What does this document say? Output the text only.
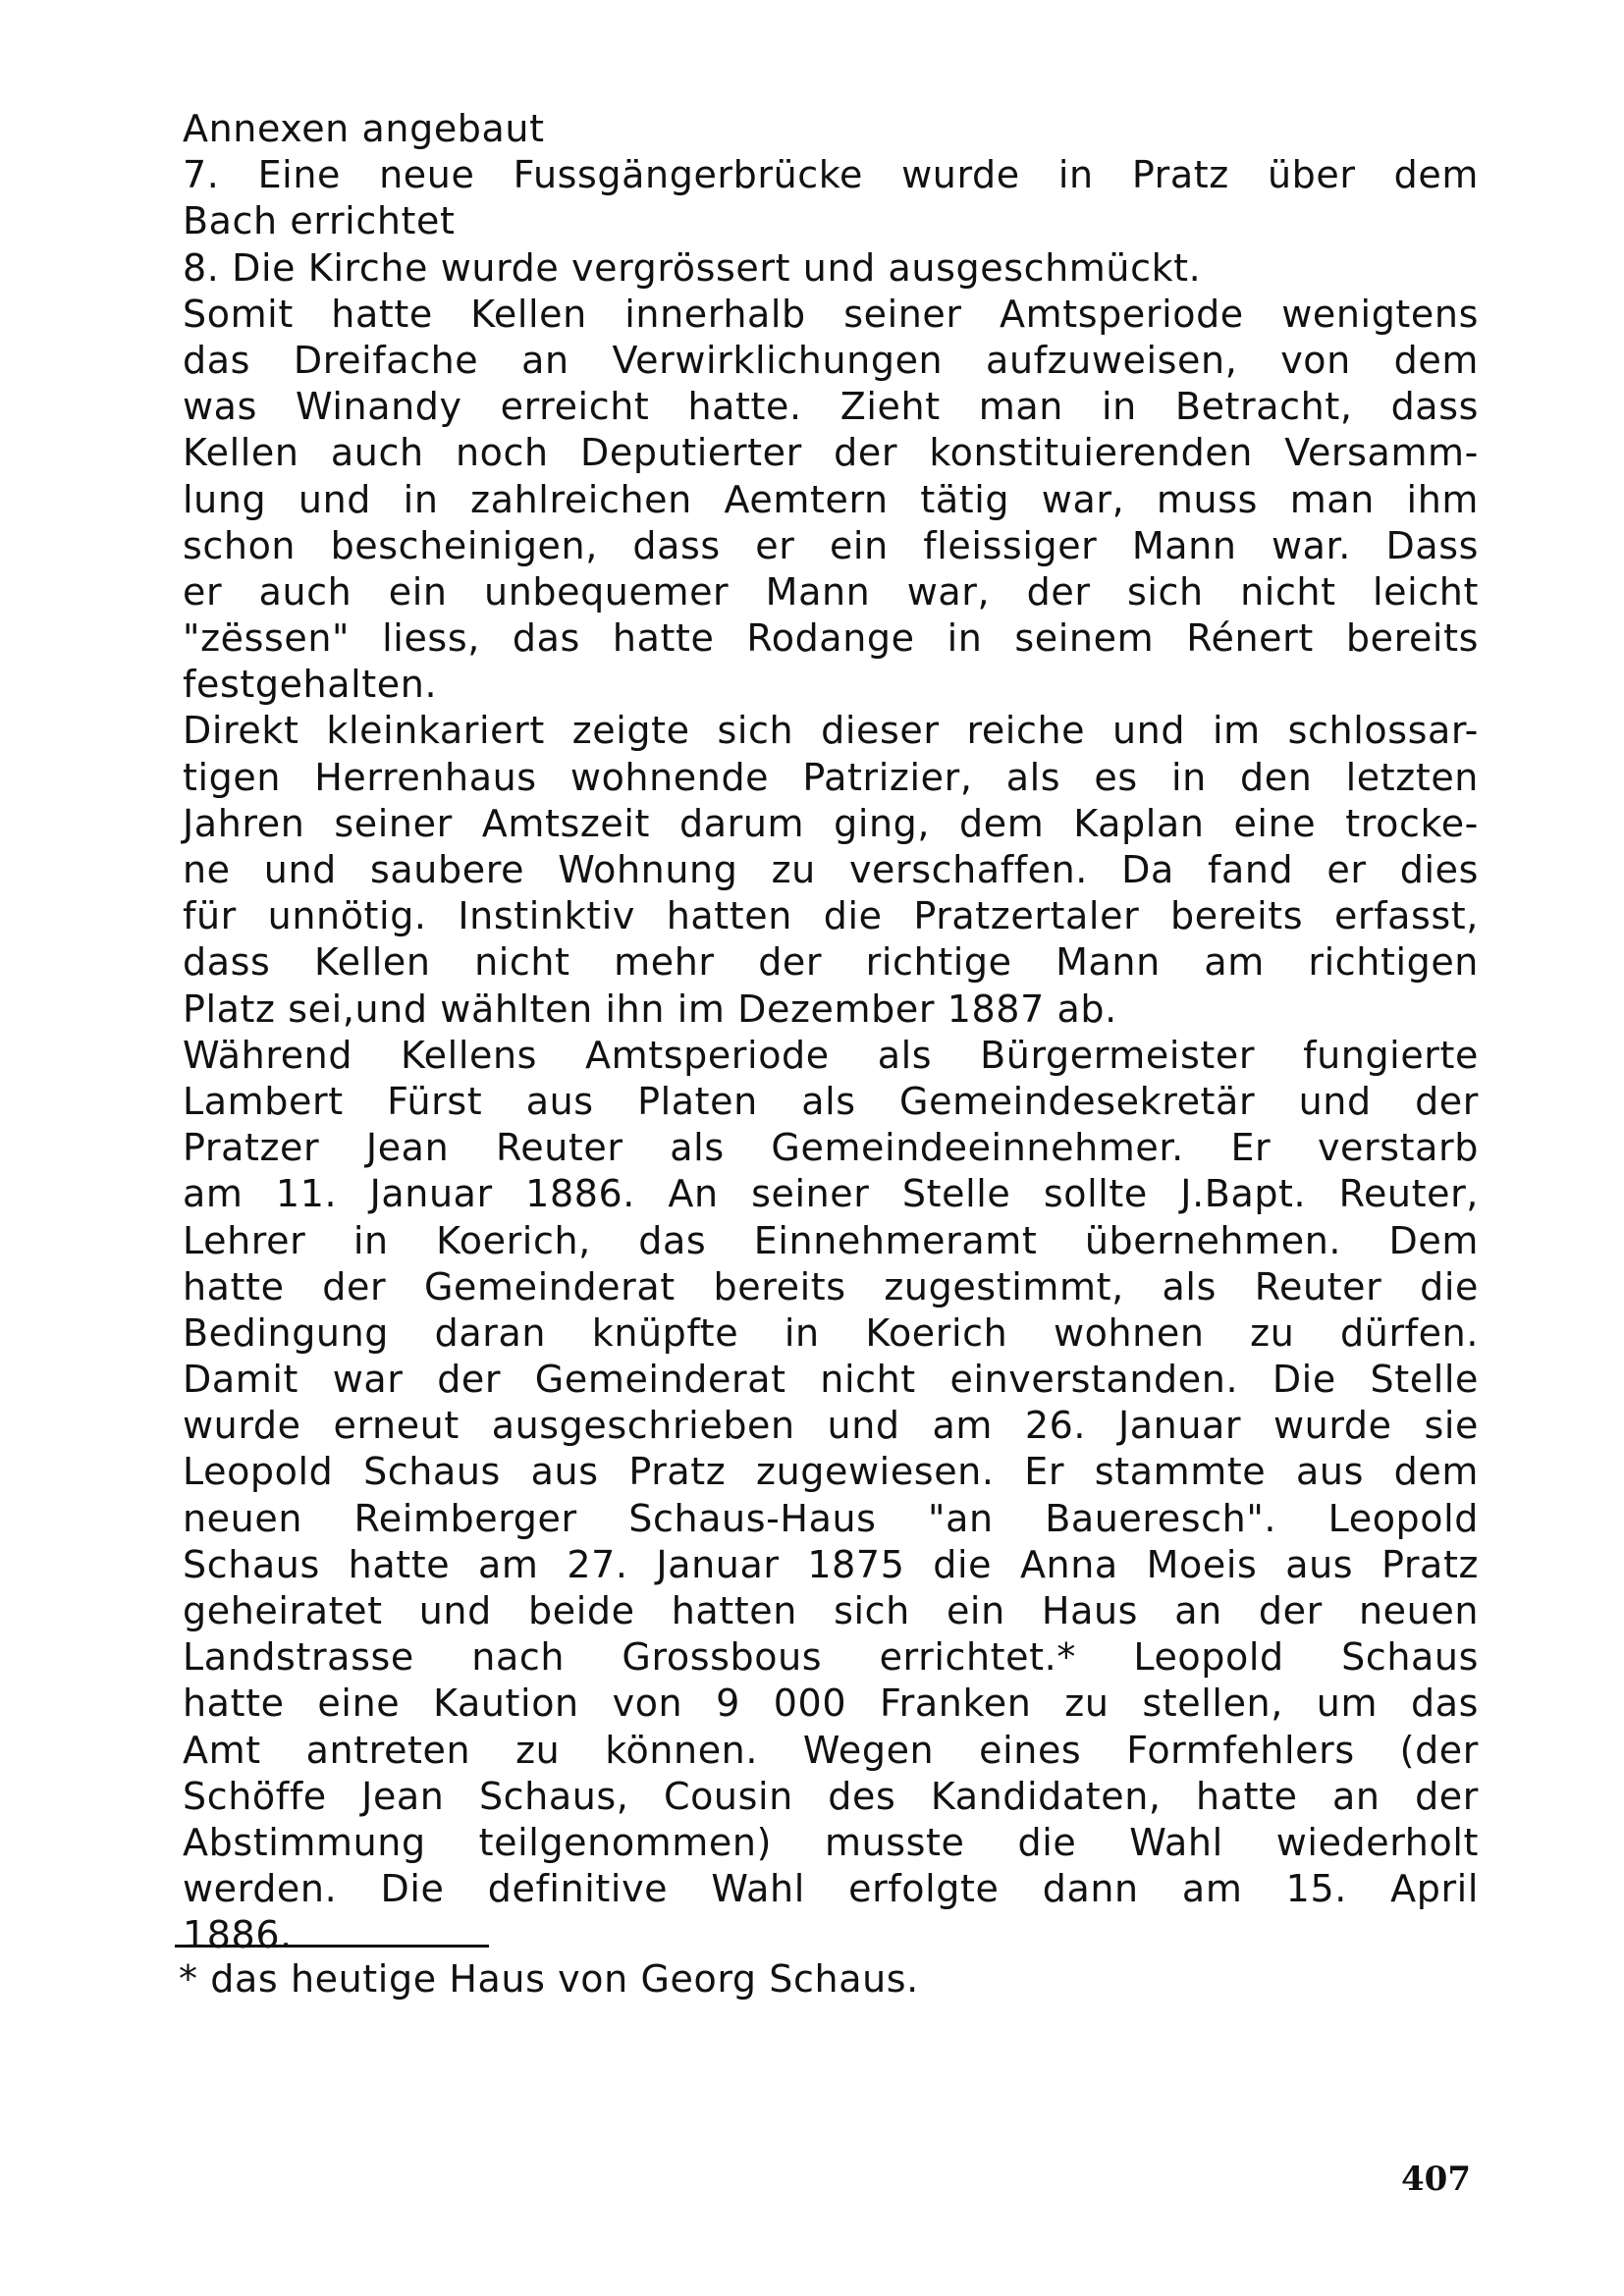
Annexen angebaut
7. Eine neue Fussgängerbrücke wurde in Pratz über dem
Bach errichtet
8. Die Kirche wurde vergrössert und ausgeschmückt.
Somit hatte Kellen innerhalb seiner Amtsperiode wenigtens
das Dreifache an Verwirklichungen aufzuweisen, von dem
was Winandy erreicht hatte. Zieht man in Betracht, dass
Kellen auch noch Deputierter der konstituierenden Versamm-
lung und in zahlreichen Aemtern tätig war, muss man ihm
schon bescheinigen, dass er ein fleissiger Mann war. Dass
er auch ein unbequemer Mann war, der sich nicht leicht
"zëssen" liess, das hatte Rodange in seinem Rénert bereits
festgehalten.
Direkt kleinkariert zeigte sich dieser reiche und im schlossar-
tigen Herrenhaus wohnende Patrizier, als es in den letzten
Jahren seiner Amtszeit darum ging, dem Kaplan eine trocke-
ne und saubere Wohnung zu verschaffen. Da fand er dies
für unnötig. Instinktiv hatten die Pratzertaler bereits erfasst,
dass Kellen nicht mehr der richtige Mann am richtigen
Platz sei,und wählten ihn im Dezember 1887 ab.
Während Kellens Amtsperiode als Bürgermeister fungierte
Lambert Fürst aus Platen als Gemeindesekretär und der
Pratzer Jean Reuter als Gemeindeeinnehmer. Er verstarb
am 11. Januar 1886. An seiner Stelle sollte J.Bapt. Reuter,
Lehrer in Koerich, das Einnehmeramt übernehmen. Dem
hatte der Gemeinderat bereits zugestimmt, als Reuter die
Bedingung daran knüpfte in Koerich wohnen zu dürfen.
Damit war der Gemeinderat nicht einverstanden. Die Stelle
wurde erneut ausgeschrieben und am 26. Januar wurde sie
Leopold Schaus aus Pratz zugewiesen. Er stammte aus dem
neuen Reimberger Schaus-Haus "an Baueresch". Leopold
Schaus hatte am 27. Januar 1875 die Anna Moeis aus Pratz
geheiratet und beide hatten sich ein Haus an der neuen
Landstrasse nach Grossbous errichtet.* Leopold Schaus
hatte eine Kaution von 9 000 Franken zu stellen, um das
Amt antreten zu können. Wegen eines Formfehlers (der
Schöffe Jean Schaus, Cousin des Kandidaten, hatte an der
Abstimmung teilgenommen) musste die Wahl wiederholt
werden. Die definitive Wahl erfolgte dann am 15. April
1886.
* das heutige Haus von Georg Schaus.
407
